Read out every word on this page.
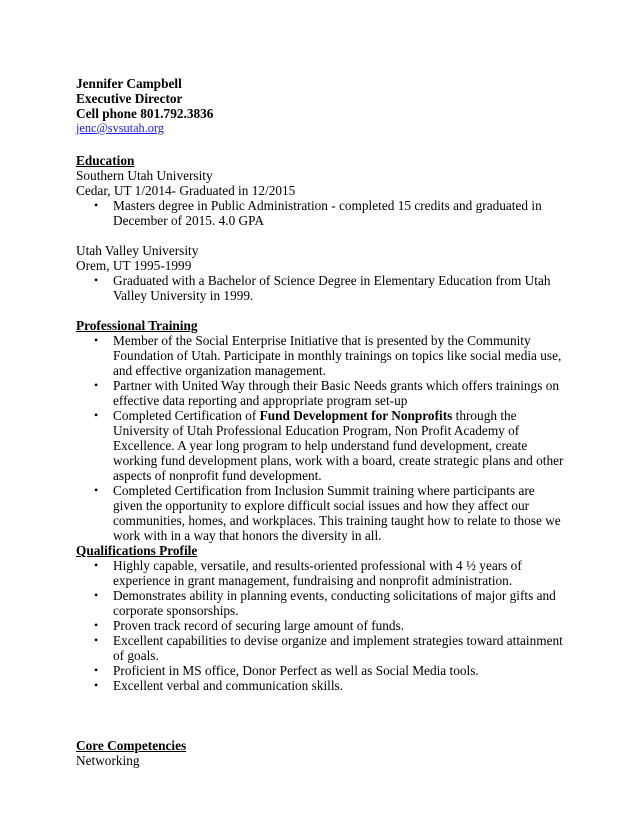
Jennifer Campbell
Executive Director
Cell phone 801.792.3836
jenc@svsutah.org
Education
Southern Utah University
Cedar, UT 1/2014- Graduated in 12/2015
• Masters degree in Public Administration - completed 15 credits and graduated in December of 2015. 4.0 GPA
Utah Valley University
Orem, UT 1995-1999
• Graduated with a Bachelor of Science Degree in Elementary Education from Utah Valley University in 1999.
Professional Training
• Member of the Social Enterprise Initiative that is presented by the Community Foundation of Utah. Participate in monthly trainings on topics like social media use, and effective organization management.
• Partner with United Way through their Basic Needs grants which offers trainings on effective data reporting and appropriate program set-up
• Completed Certification of Fund Development for Nonprofits through the University of Utah Professional Education Program, Non Profit Academy of Excellence. A year long program to help understand fund development, create working fund development plans, work with a board, create strategic plans and other aspects of nonprofit fund development.
• Completed Certification from Inclusion Summit training where participants are given the opportunity to explore difficult social issues and how they affect our communities, homes, and workplaces. This training taught how to relate to those we work with in a way that honors the diversity in all.
Qualifications Profile
• Highly capable, versatile, and results-oriented professional with 4 ½ years of experience in grant management, fundraising and nonprofit administration.
• Demonstrates ability in planning events, conducting solicitations of major gifts and corporate sponsorships.
• Proven track record of securing large amount of funds.
• Excellent capabilities to devise organize and implement strategies toward attainment of goals.
• Proficient in MS office, Donor Perfect as well as Social Media tools.
• Excellent verbal and communication skills.
Core Competencies
Networking
